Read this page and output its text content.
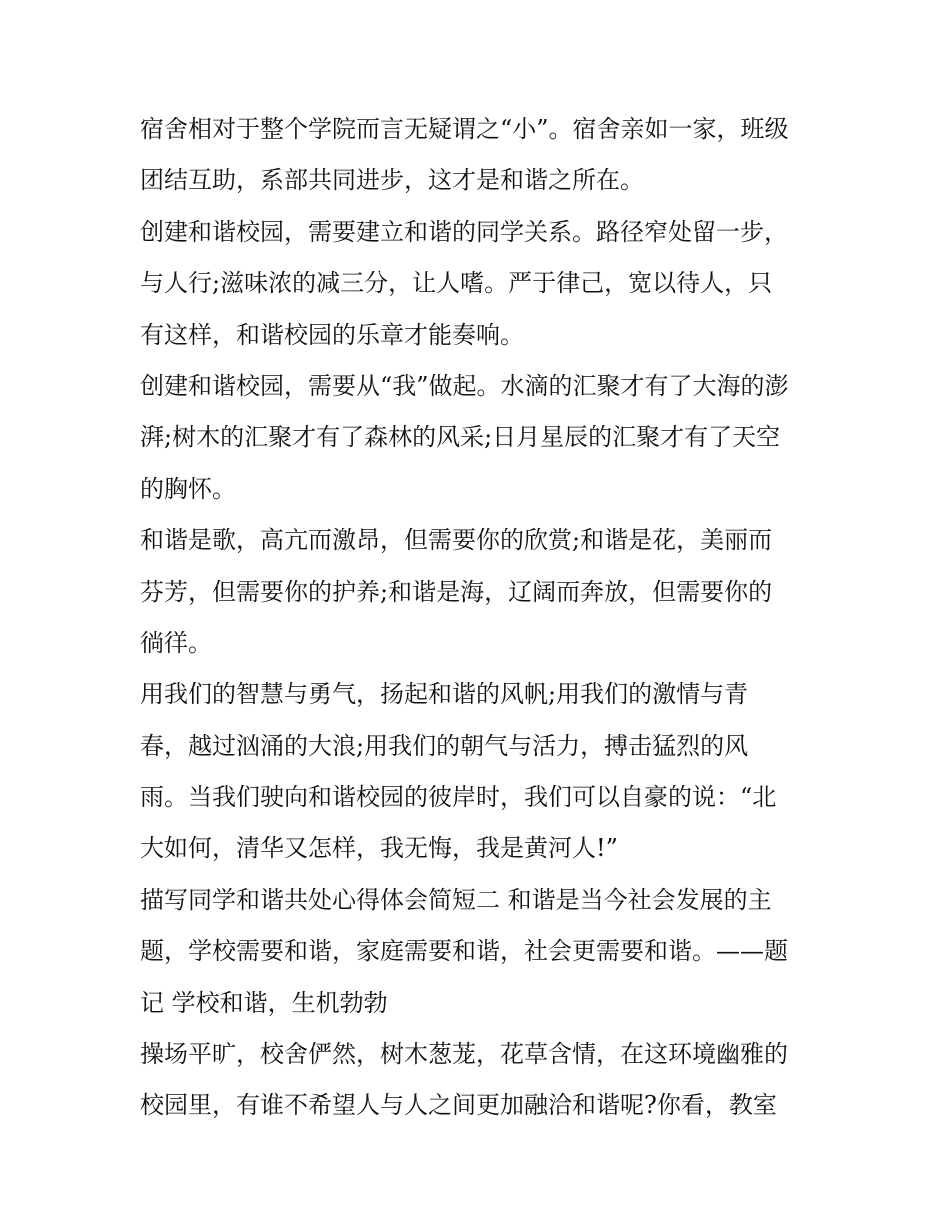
宿舍相对于整个学院而言无疑谓之“小”。宿舍亲如一家，班级
团结互助，系部共同进步，这才是和谐之所在。
创建和谐校园，需要建立和谐的同学关系。路径窄处留一步，
与人行;滋味浓的减三分，让人嗜。严于律己，宽以待人，只
有这样，和谐校园的乐章才能奏响。
创建和谐校园，需要从“我”做起。水滴的汇聚才有了大海的澎
湃;树木的汇聚才有了森林的风采;日月星辰的汇聚才有了天空
的胸怀。
和谐是歌，高亢而激昂，但需要你的欣赏;和谐是花，美丽而
芬芳，但需要你的护养;和谐是海，辽阔而奔放，但需要你的
徜徉。
用我们的智慧与勇气，扬起和谐的风帆;用我们的激情与青
春，越过汹涌的大浪;用我们的朝气与活力，搏击猛烈的风
雨。当我们驶向和谐校园的彼岸时，我们可以自豪的说：“北
大如何，清华又怎样，我无悔，我是黄河人!”
描写同学和谐共处心得体会简短二 和谐是当今社会发展的主
题，学校需要和谐，家庭需要和谐，社会更需要和谐。——题
记 学校和谐，生机勃勃
操场平旷，校舍俨然，树木葱茏，花草含情，在这环境幽雅的
校园里，有谁不希望人与人之间更加融洽和谐呢?你看，教室
